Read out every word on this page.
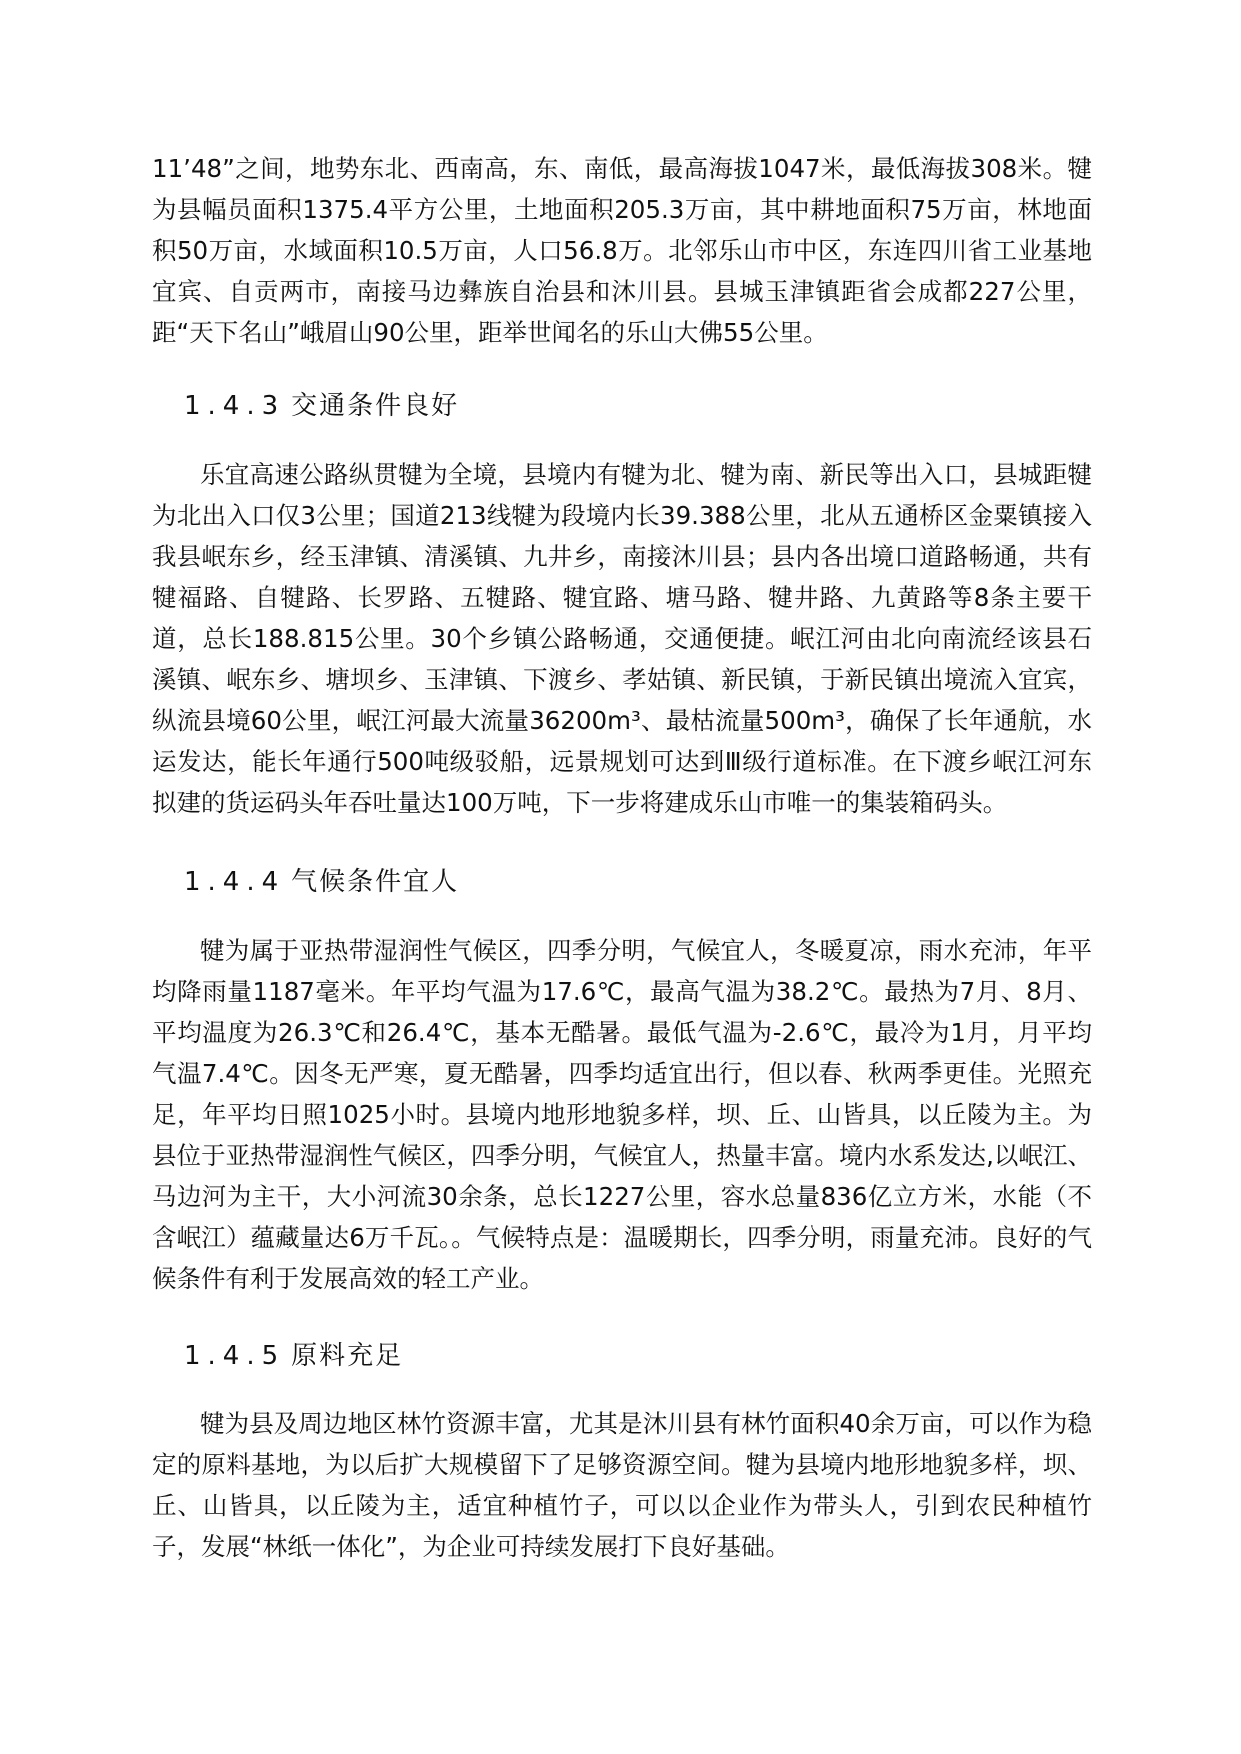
11’48”之间，地势东北、西南高，东、南低，最高海拔1047米，最低海拔308米。犍为县幅员面积1375.4平方公里，土地面积205.3万亩，其中耕地面积75万亩，林地面积50万亩，水域面积10.5万亩，人口56.8万。北邻乐山市中区，东连四川省工业基地宜宾、自贡两市，南接马边彝族自治县和沐川县。县城玉津镇距省会成都227公里，距“天下名山”峨眉山90公里，距举世闻名的乐山大佛55公里。

1.4.3 交通条件良好

乐宜高速公路纵贯犍为全境，县境内有犍为北、犍为南、新民等出入口，县城距犍为北出入口仅3公里；国道213线犍为段境内长39.388公里，北从五通桥区金粟镇接入我县岷东乡，经玉津镇、清溪镇、九井乡，南接沐川县；县内各出境口道路畅通，共有犍福路、自犍路、长罗路、五犍路、犍宜路、塘马路、犍井路、九黄路等8条主要干道，总长188.815公里。30个乡镇公路畅通，交通便捷。岷江河由北向南流经该县石溪镇、岷东乡、塘坝乡、玉津镇、下渡乡、孝姑镇、新民镇，于新民镇出境流入宜宾，纵流县境60公里，岷江河最大流量36200m³、最枯流量500m³，确保了长年通航，水运发达，能长年通行500吨级驳船，远景规划可达到Ⅲ级行道标准。在下渡乡岷江河东拟建的货运码头年吞吐量达100万吨，下一步将建成乐山市唯一的集装箱码头。

1.4.4 气候条件宜人

犍为属于亚热带湿润性气候区，四季分明，气候宜人，冬暖夏凉，雨水充沛，年平均降雨量1187毫米。年平均气温为17.6℃，最高气温为38.2℃。最热为7月、8月、平均温度为26.3℃和26.4℃，基本无酷暑。最低气温为-2.6℃，最冷为1月，月平均气温7.4℃。因冬无严寒，夏无酷暑，四季均适宜出行，但以春、秋两季更佳。光照充足，年平均日照1025小时。县境内地形地貌多样，坝、丘、山皆具，以丘陵为主。为县位于亚热带湿润性气候区，四季分明，气候宜人，热量丰富。境内水系发达,以岷江、马边河为主干，大小河流30余条，总长1227公里，容水总量836亿立方米，水能（不含岷江）蕴藏量达6万千瓦。。气候特点是：温暖期长，四季分明，雨量充沛。良好的气候条件有利于发展高效的轻工产业。

1.4.5 原料充足

犍为县及周边地区林竹资源丰富，尤其是沐川县有林竹面积40余万亩，可以作为稳定的原料基地，为以后扩大规模留下了足够资源空间。犍为县境内地形地貌多样，坝、丘、山皆具，以丘陵为主，适宜种植竹子，可以以企业作为带头人，引到农民种植竹子，发展“林纸一体化”，为企业可持续发展打下良好基础。
